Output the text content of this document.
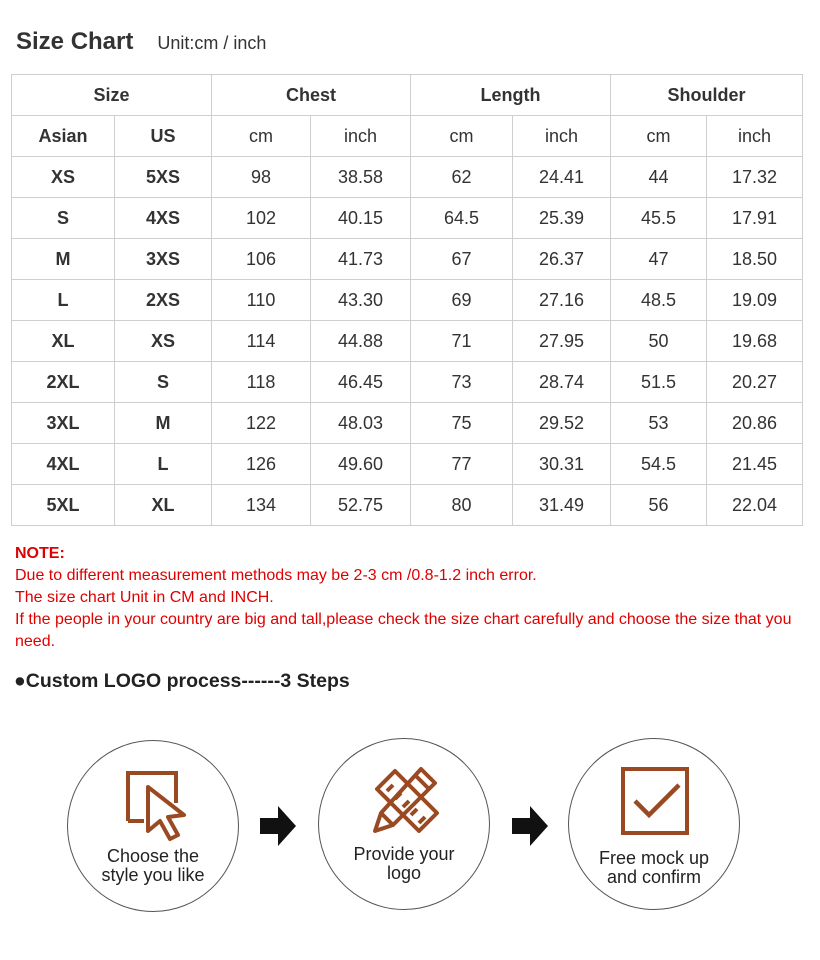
Size Chart Unit:cm / inch
Size		Chest		Length		Shoulder	
Asian	US	cm	inch	cm	inch	cm	inch
XS	5XS	98	38.58	62	24.41	44	17.32
S	4XS	102	40.15	64.5	25.39	45.5	17.91
M	3XS	106	41.73	67	26.37	47	18.50
L	2XS	110	43.30	69	27.16	48.5	19.09
XL	XS	114	44.88	71	27.95	50	19.68
2XL	S	118	46.45	73	28.74	51.5	20.27
3XL	M	122	48.03	75	29.52	53	20.86
4XL	L	126	49.60	77	30.31	54.5	21.45
5XL	XL	134	52.75	80	31.49	56	22.04
NOTE:
Due to different measurement methods may be 2-3 cm /0.8-1.2 inch error.
The size chart Unit in CM and INCH.
If the people in your country are big and tall,please check the size chart carefully and choose the size that you need.
●Custom LOGO process------3 Steps
Choose the
style you like
Provide your
logo
Free mock up
and confirm
